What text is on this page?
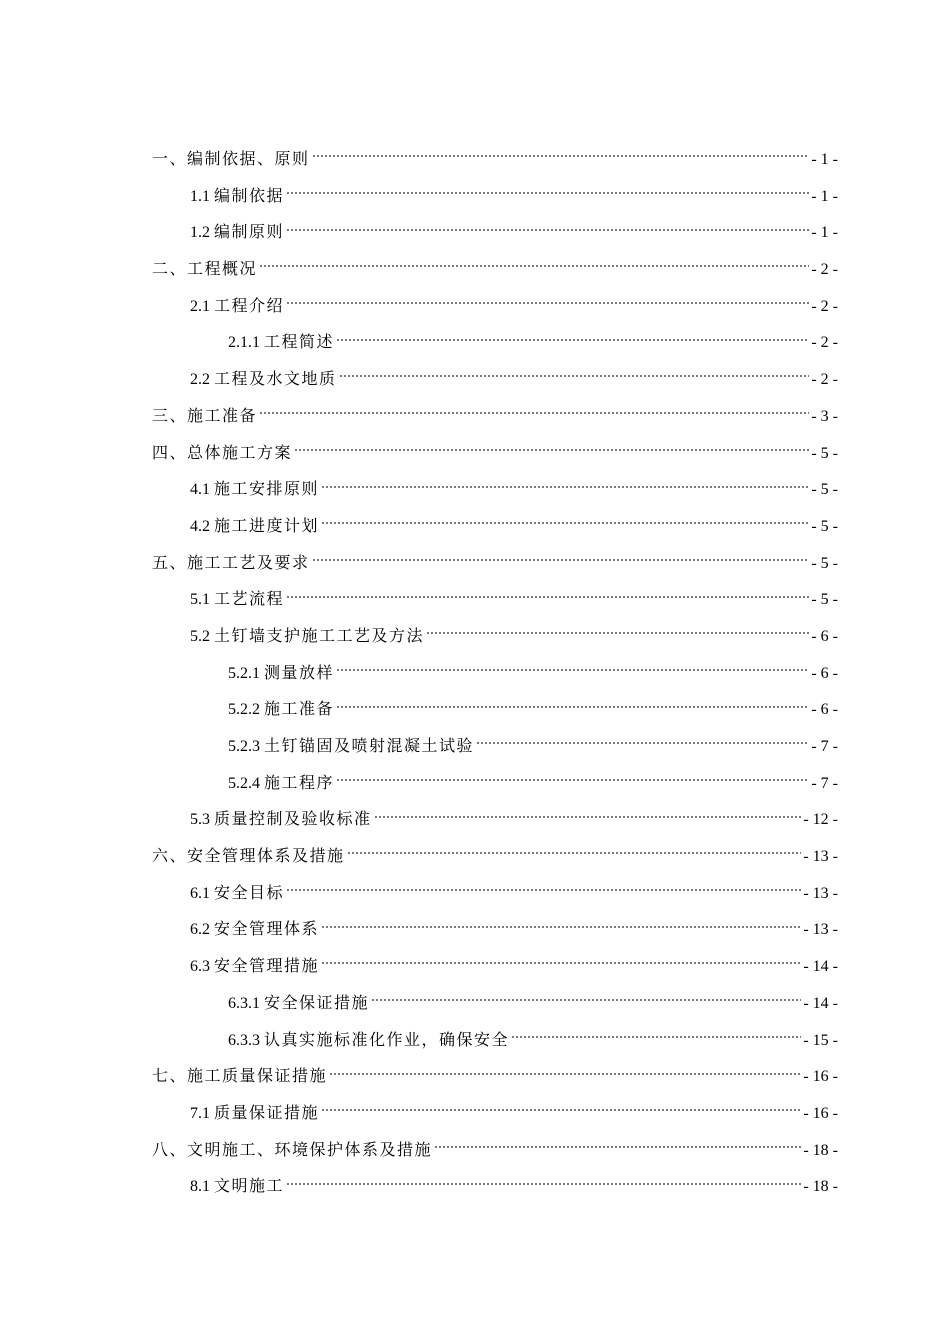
一、编制依据、原则	- 1 -
1.1 编制依据	- 1 -
1.2 编制原则	- 1 -
二、工程概况	- 2 -
2.1 工程介绍	- 2 -
2.1.1 工程简述	- 2 -
2.2 工程及水文地质	- 2 -
三、施工准备	- 3 -
四、总体施工方案	- 5 -
4.1 施工安排原则	- 5 -
4.2 施工进度计划	- 5 -
五、施工工艺及要求	- 5 -
5.1 工艺流程	- 5 -
5.2 土钉墙支护施工工艺及方法	- 6 -
5.2.1 测量放样	- 6 -
5.2.2 施工准备	- 6 -
5.2.3 土钉锚固及喷射混凝土试验	- 7 -
5.2.4 施工程序	- 7 -
5.3 质量控制及验收标准	- 12 -
六、安全管理体系及措施	- 13 -
6.1 安全目标	- 13 -
6.2 安全管理体系	- 13 -
6.3 安全管理措施	- 14 -
6.3.1 安全保证措施	- 14 -
6.3.3 认真实施标准化作业，确保安全	- 15 -
七、施工质量保证措施	- 16 -
7.1 质量保证措施	- 16 -
八、文明施工、环境保护体系及措施	- 18 -
8.1 文明施工	- 18 -
